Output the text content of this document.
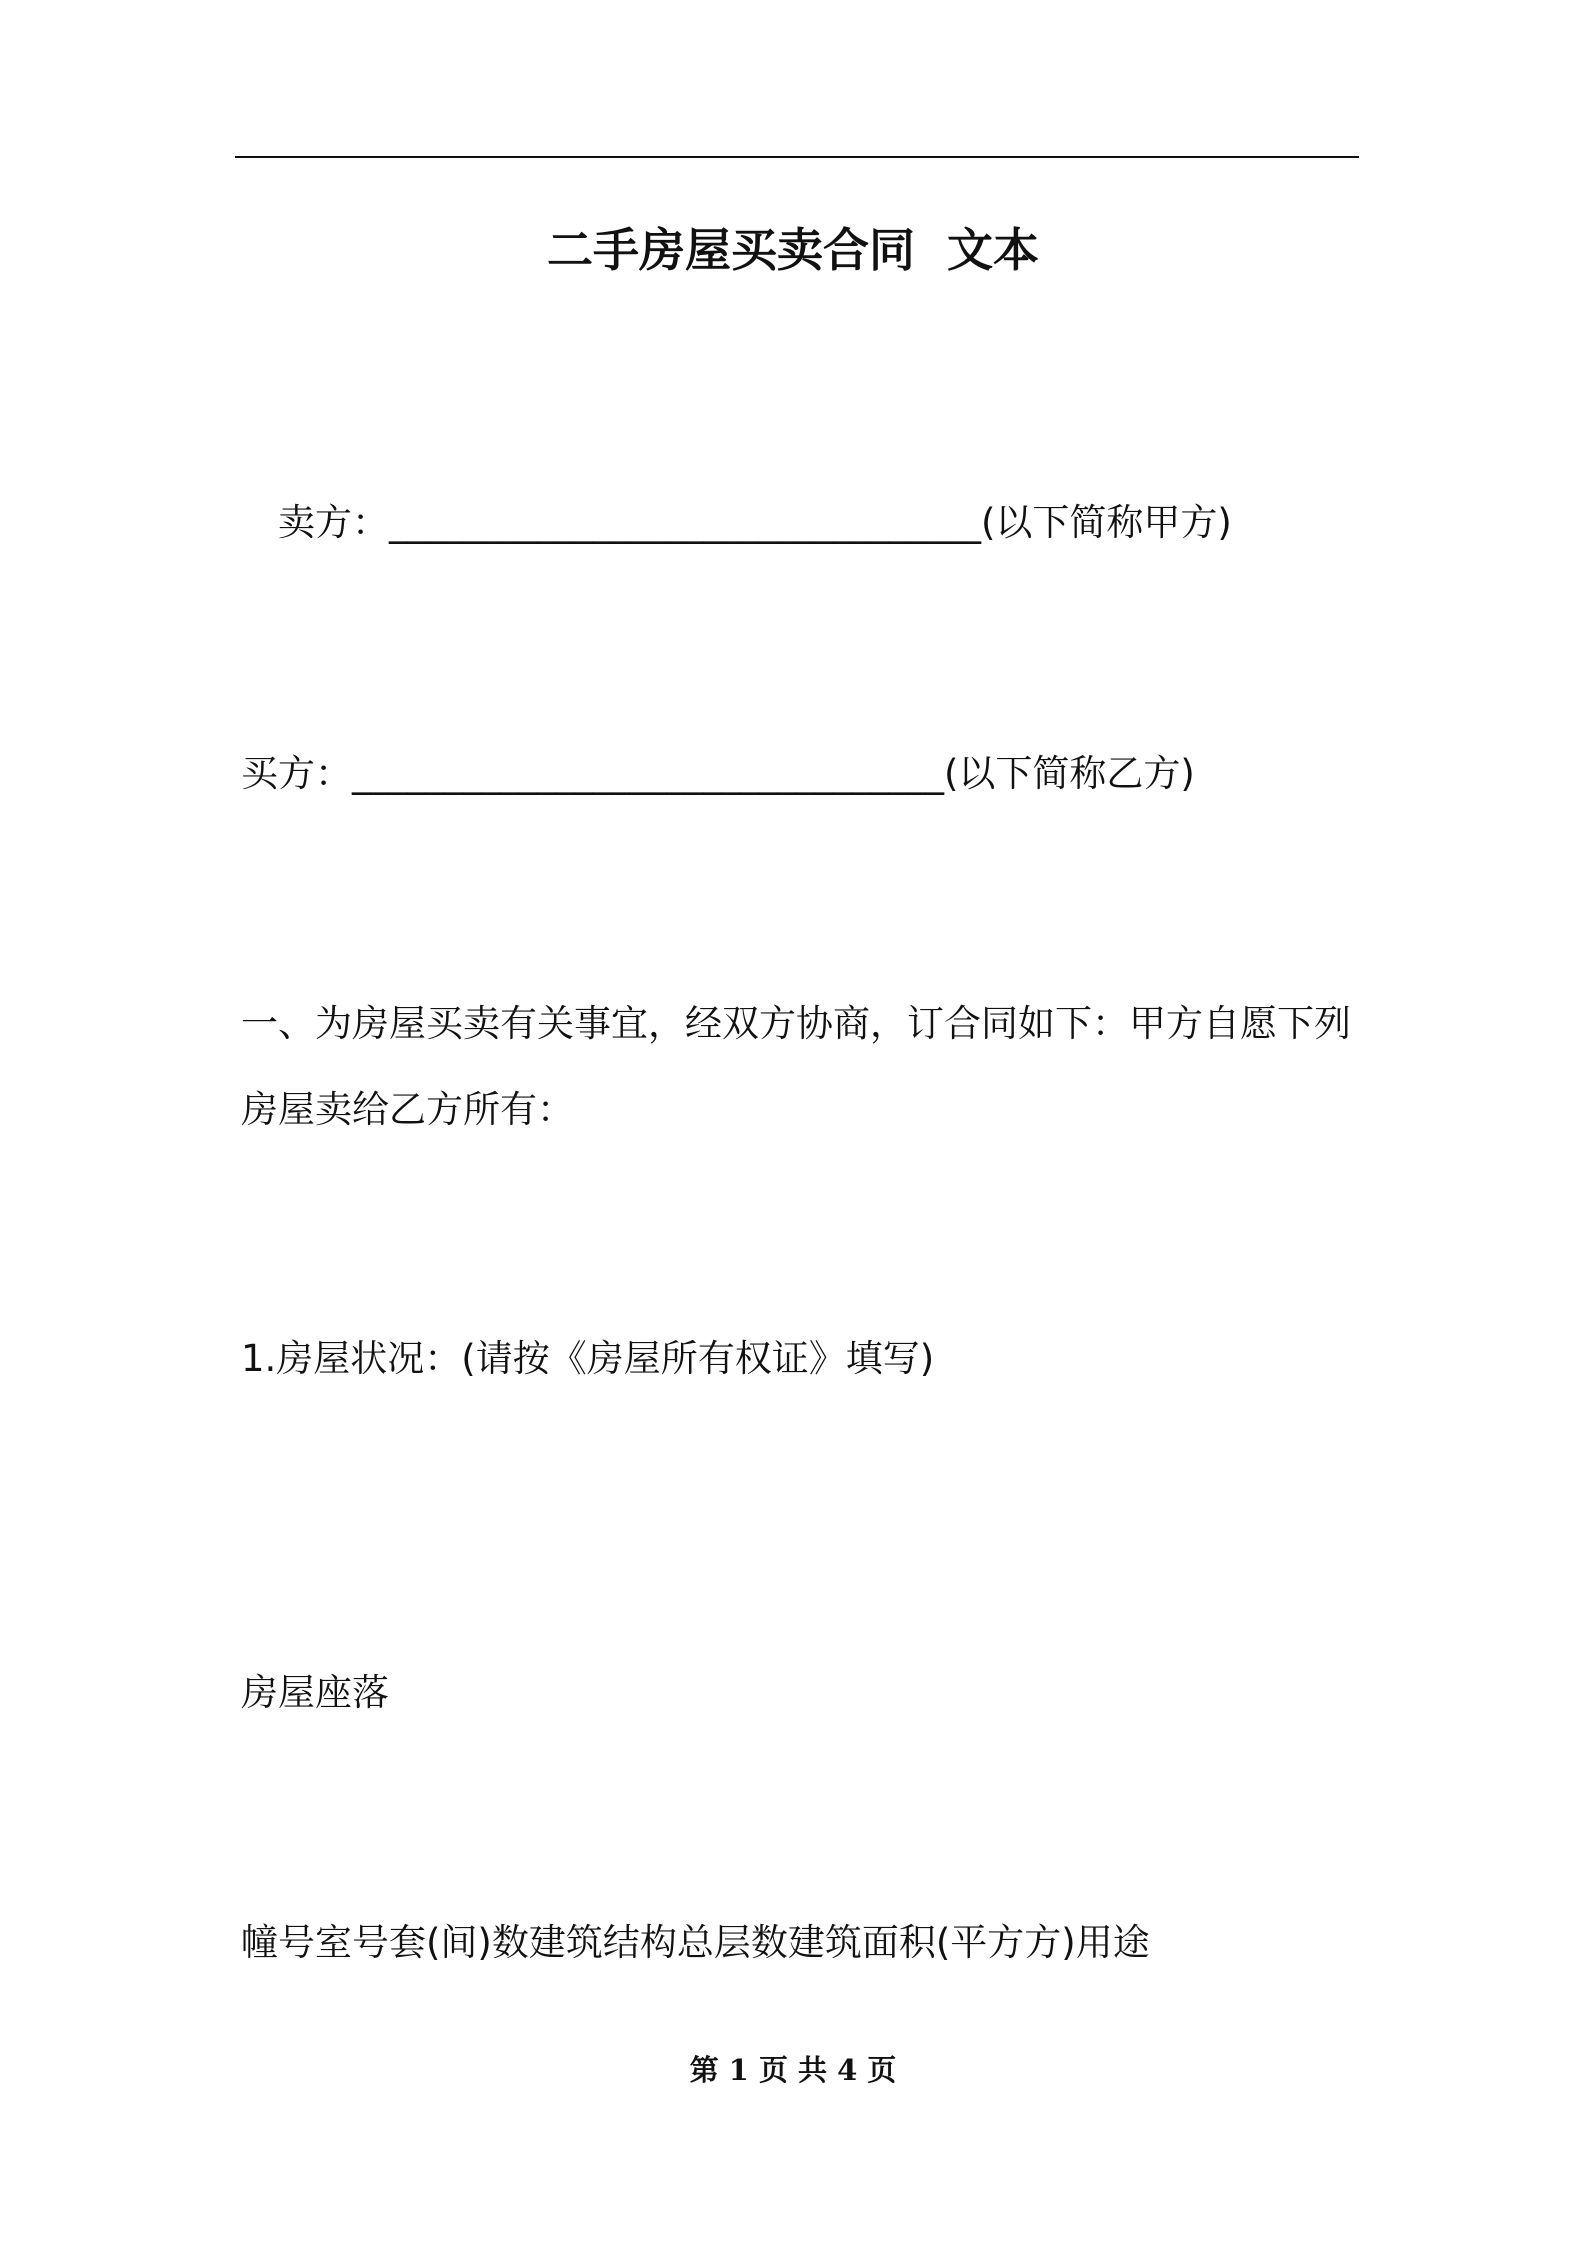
二手房屋买卖合同  文本
卖方：________________________________(以下简称甲方)
买方：________________________________(以下简称乙方)
一、为房屋买卖有关事宜，经双方协商，订合同如下：甲方自愿下列
房屋卖给乙方所有：
1.房屋状况：(请按《房屋所有权证》填写)
房屋座落
幢号室号套(间)数建筑结构总层数建筑面积(平方方)用途
第 1 页 共 4 页
